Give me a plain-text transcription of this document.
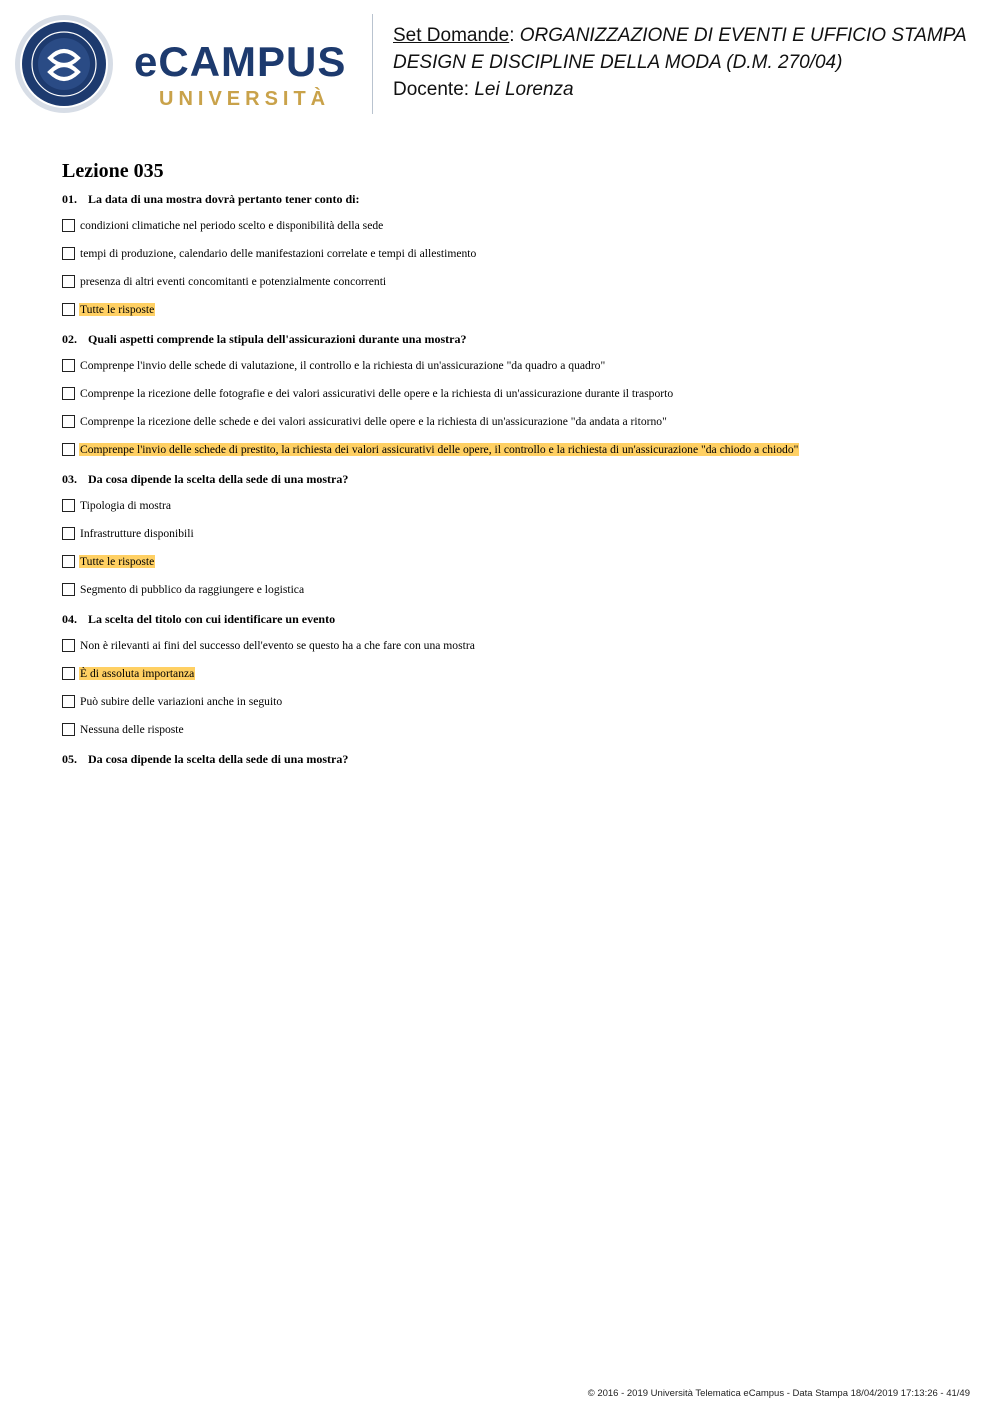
eCAMPUS
UNIVERSITÀ
Set Domande: ORGANIZZAZIONE DI EVENTI E UFFICIO STAMPA
DESIGN E DISCIPLINE DELLA MODA (D.M. 270/04)
Docente: Lei Lorenza
Lezione 035
01. La data di una mostra dovrà pertanto tener conto di:
condizioni climatiche nel periodo scelto e disponibilità della sede
tempi di produzione, calendario delle manifestazioni correlate e tempi di allestimento
presenza di altri eventi concomitanti e potenzialmente concorrenti
Tutte le risposte
02. Quali aspetti comprende la stipula dell'assicurazioni durante una mostra?
Comprenpe l'invio delle schede di valutazione, il controllo e la richiesta di un'assicurazione "da quadro a quadro"
Comprenpe la ricezione delle fotografie e dei valori assicurativi delle opere e la richiesta di un'assicurazione durante il trasporto
Comprenpe la ricezione delle schede e dei valori assicurativi delle opere e la richiesta di un'assicurazione "da andata a ritorno"
Comprenpe l'invio delle schede di prestito, la richiesta dei valori assicurativi delle opere, il controllo e la richiesta di un'assicurazione "da chiodo a chiodo"
03. Da cosa dipende la scelta della sede di una mostra?
Tipologia di mostra
Infrastrutture disponibili
Tutte le risposte
Segmento di pubblico da raggiungere e logistica
04. La scelta del titolo con cui identificare un evento
Non è rilevanti ai fini del successo dell'evento se questo ha a che fare con una mostra
È di assoluta importanza
Può subire delle variazioni anche in seguito
Nessuna delle risposte
05. Da cosa dipende la scelta della sede di una mostra?
© 2016 - 2019 Università Telematica eCampus - Data Stampa 18/04/2019 17:13:26 - 41/49
